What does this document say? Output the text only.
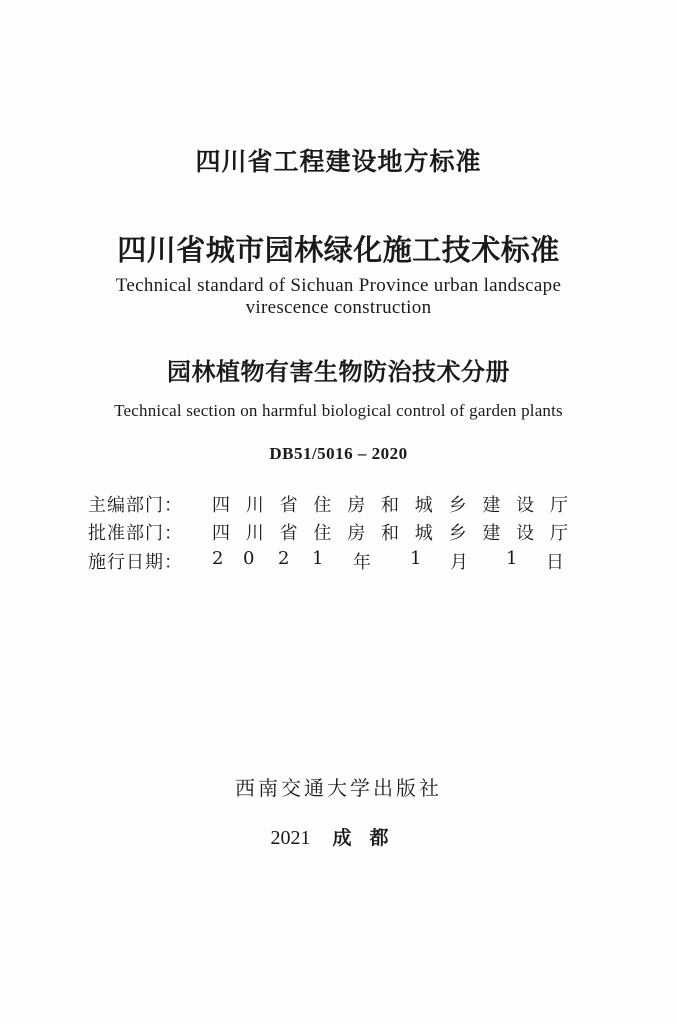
四川省工程建设地方标准
四川省城市园林绿化施工技术标准
Technical standard of Sichuan Province urban landscape
virescence construction
园林植物有害生物防治技术分册
Technical section on harmful biological control of garden plants
DB51/5016 – 2020
主编部门： 四 川 省 住 房 和 城 乡 建 设 厅
批准部门： 四 川 省 住 房 和 城 乡 建 设 厅
施行日期： 2 0 2 1 年 1 月 1 日
西南交通大学出版社
2021 成都
